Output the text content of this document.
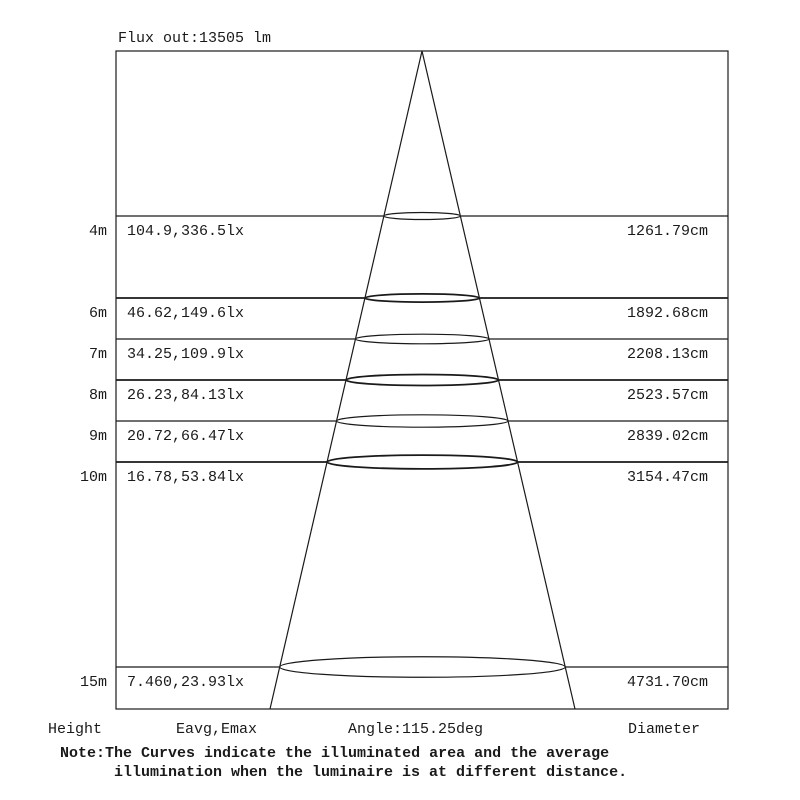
Flux out:13505 lm
4m 104.9,336.5lx	1261.79cm
6m 46.62,149.6lx	1892.68cm
7m 34.25,109.9lx	2208.13cm
8m 26.23,84.13lx	2523.57cm
9m 20.72,66.47lx	2839.02cm
10m 16.78,53.84lx	3154.47cm
15m 7.460,23.93lx	4731.70cm
Height	Eavg,Emax	Angle:115.25deg	Diameter
Note:The Curves indicate the illuminated area and the average
illumination when the luminaire is at different distance.
